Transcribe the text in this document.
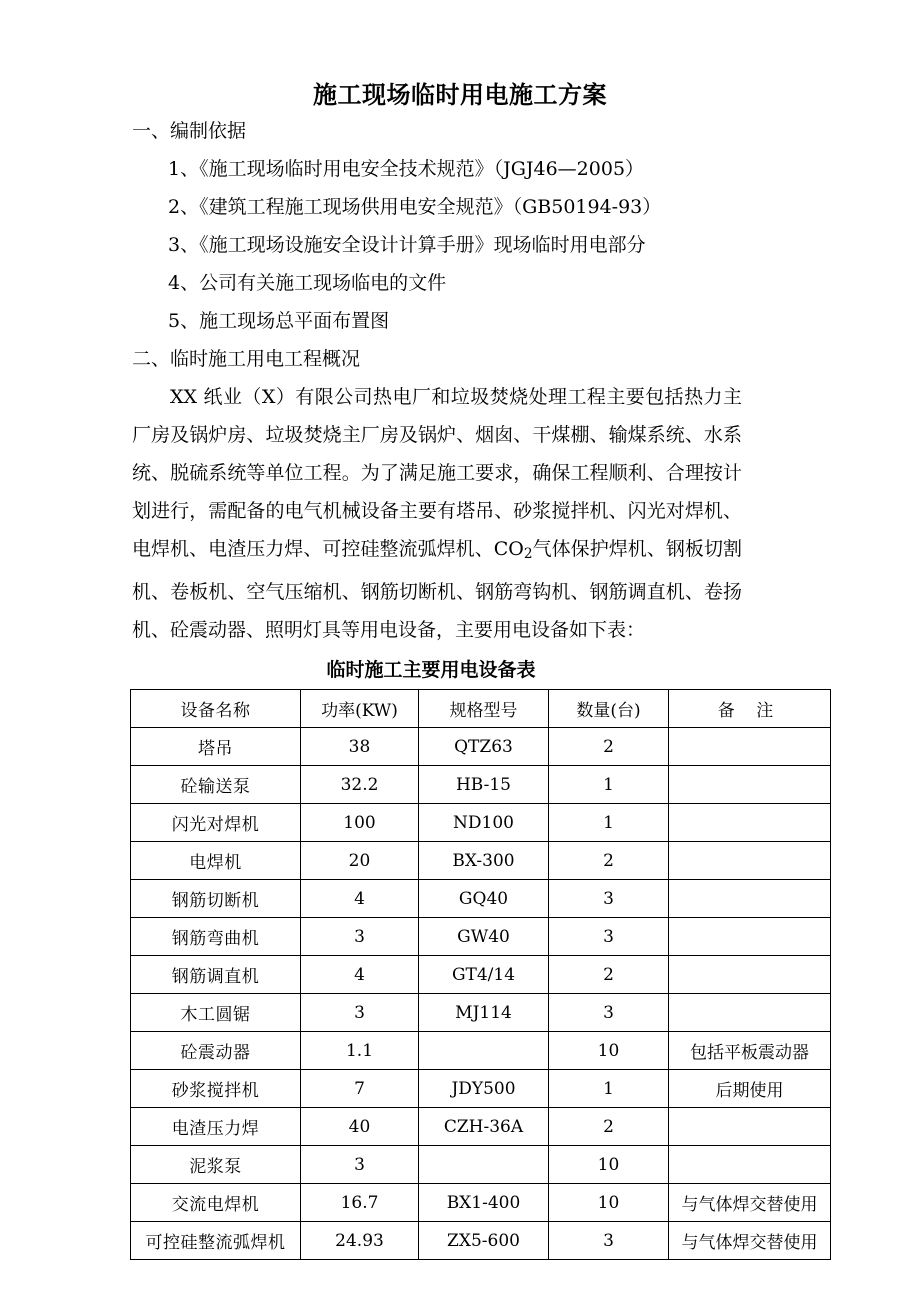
施工现场临时用电施工方案

一、编制依据

1、《施工现场临时用电安全技术规范》（JGJ46—2005）

2、《建筑工程施工现场供用电安全规范》（GB50194-93）

3、《施工现场设施安全设计计算手册》现场临时用电部分

4、公司有关施工现场临电的文件

5、施工现场总平面布置图

二、临时施工用电工程概况

XX 纸业（X）有限公司热电厂和垃圾焚烧处理工程主要包括热力主厂房及锅炉房、垃圾焚烧主厂房及锅炉、烟囱、干煤棚、输煤系统、水系统、脱硫系统等单位工程。为了满足施工要求，确保工程顺利、合理按计划进行，需配备的电气机械设备主要有塔吊、砂浆搅拌机、闪光对焊机、电焊机、电渣压力焊、可控硅整流弧焊机、$CO_2$气体保护焊机、钢板切割机、卷板机、空气压缩机、钢筋切断机、钢筋弯钩机、钢筋调直机、卷扬机、砼震动器、照明灯具等用电设备，主要用电设备如下表：

临时施工主要用电设备表

设备名称	功率(KW)	规格型号	数量(台)	备 注
塔吊	38	QTZ63	2	
砼输送泵	32.2	HB-15	1	
闪光对焊机	100	ND100	1	
电焊机	20	BX-300	2	
钢筋切断机	4	GQ40	3	
钢筋弯曲机	3	GW40	3	
钢筋调直机	4	GT4/14	2	
木工圆锯	3	MJ114	3	
砼震动器	1.1		10	包括平板震动器
砂浆搅拌机	7	JDY500	1	后期使用
电渣压力焊	40	CZH-36A	2	
泥浆泵	3		10	
交流电焊机	16.7	BX1-400	10	与气体焊交替使用
可控硅整流弧焊机	24.93	ZX5-600	3	与气体焊交替使用
